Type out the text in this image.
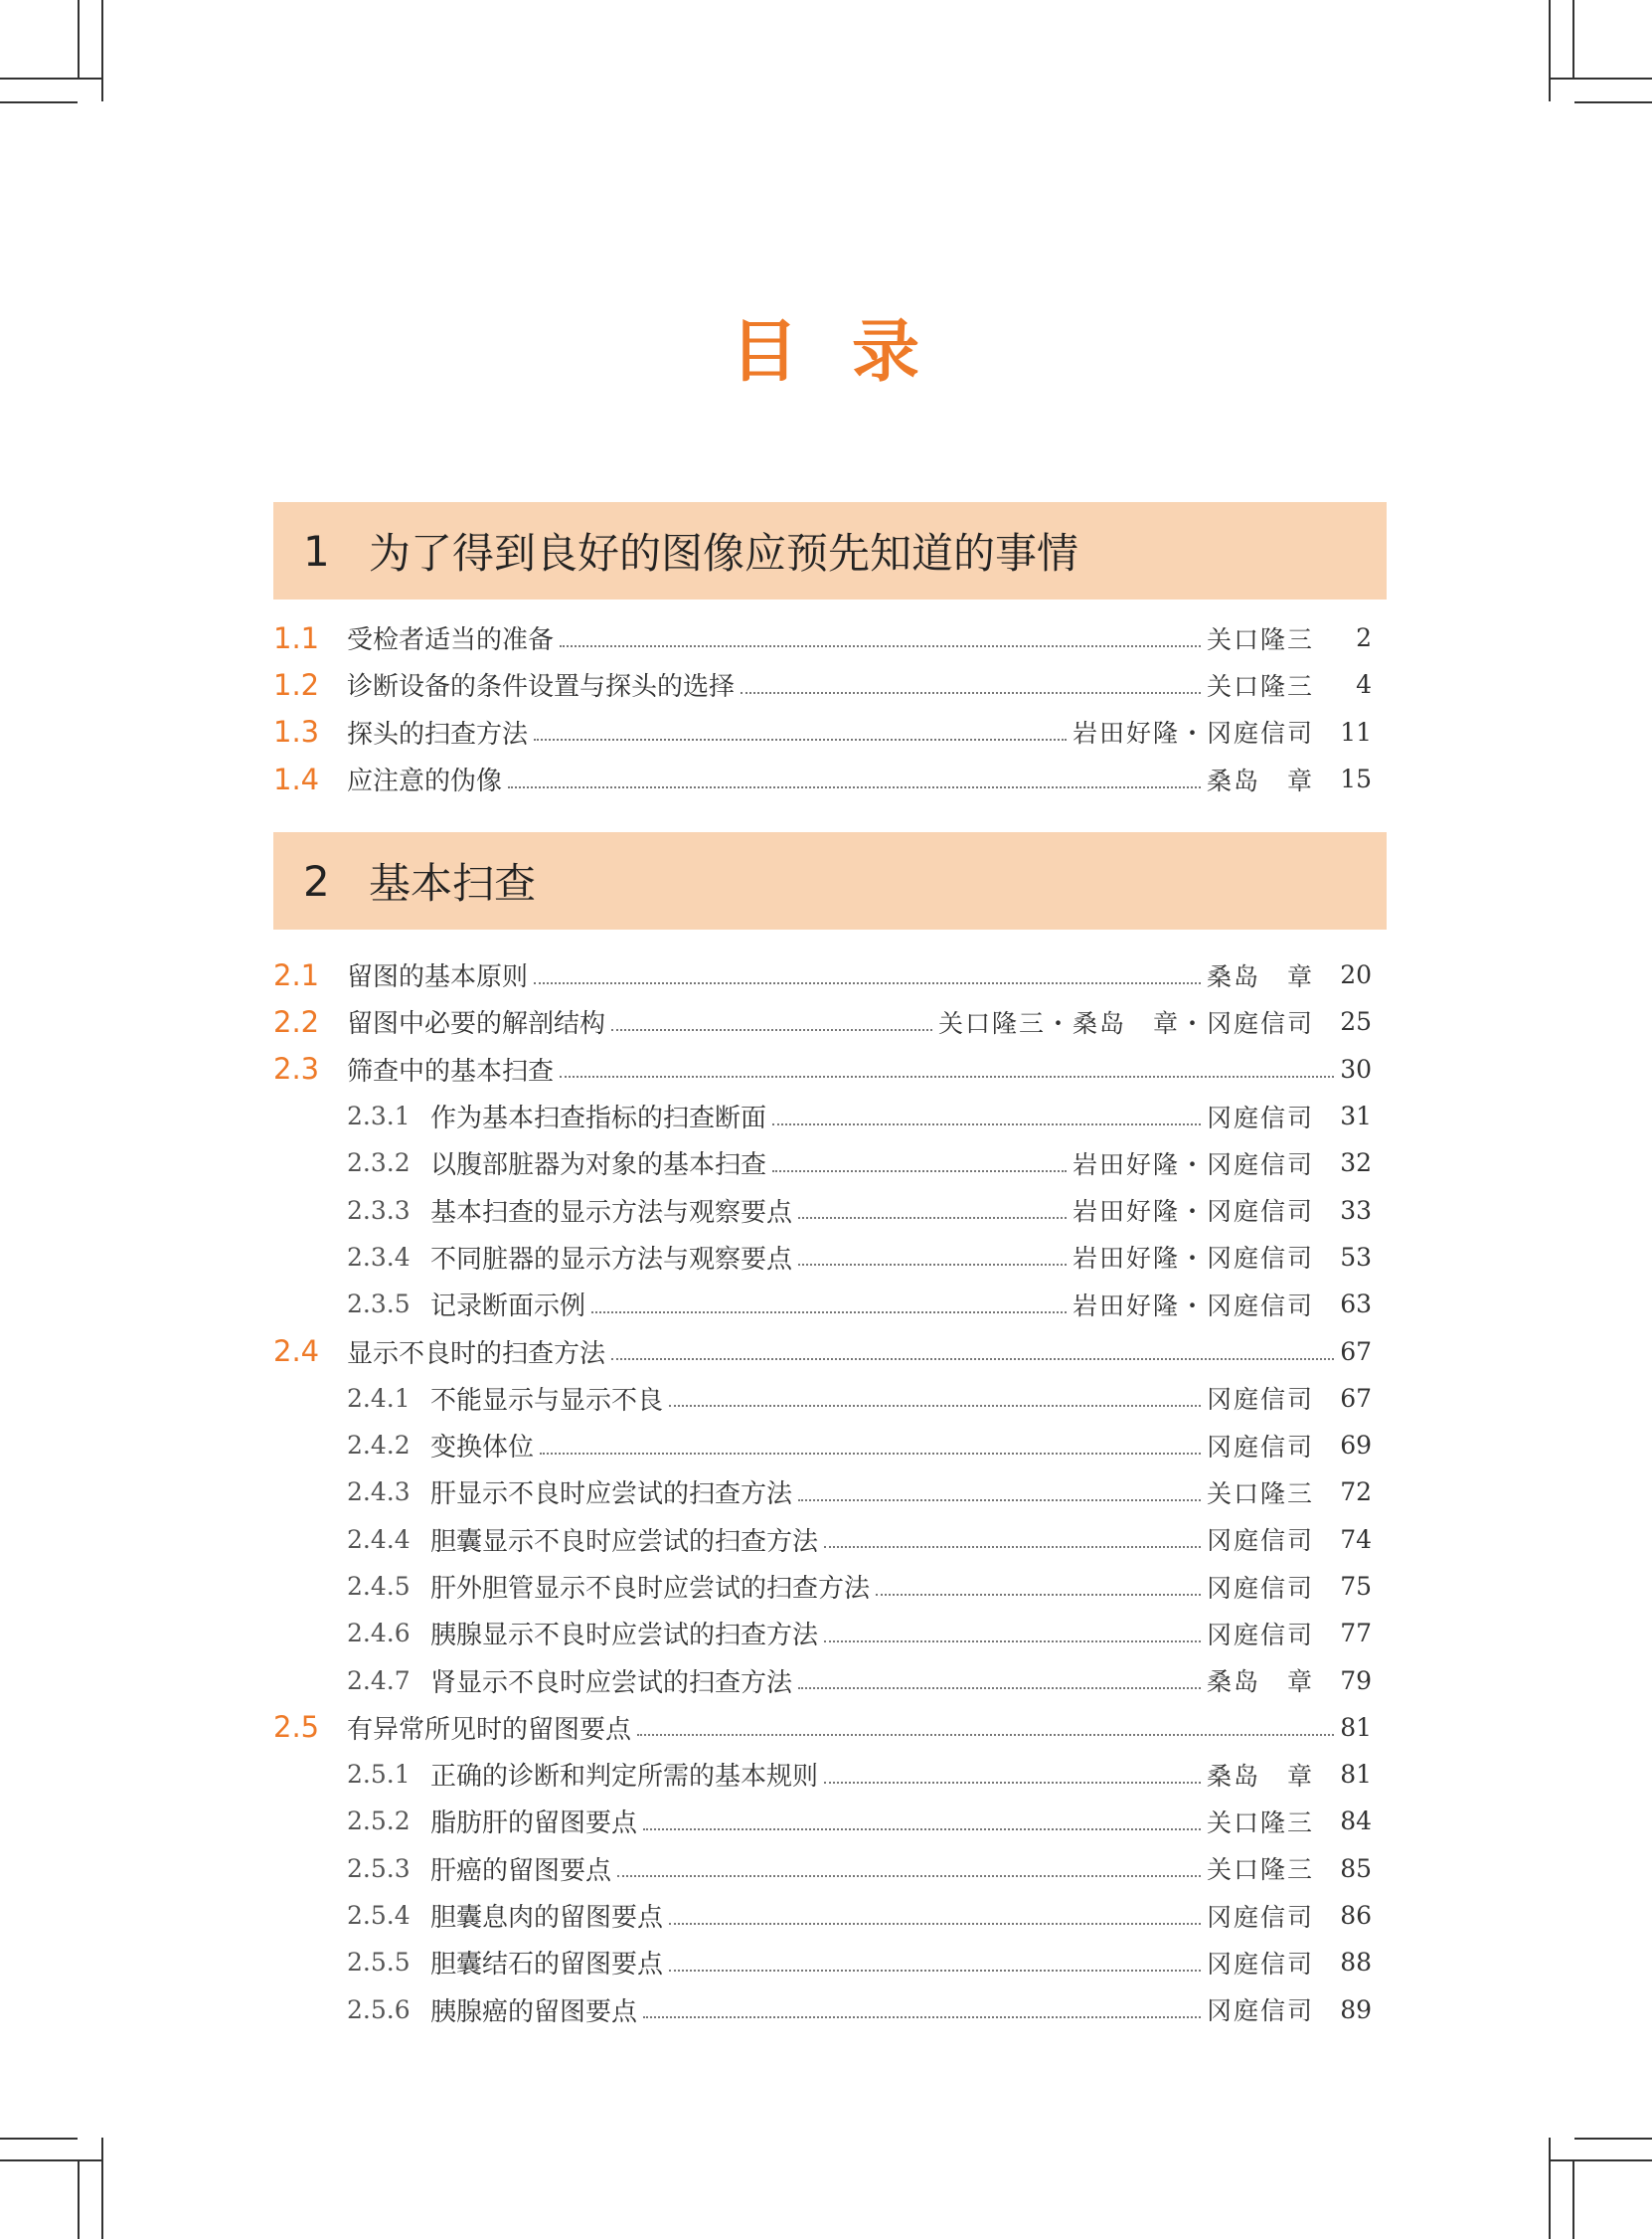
目 录
1 为了得到良好的图像应预先知道的事情
1.1	受检者适当的准备	关口隆三	2
1.2	诊断设备的条件设置与探头的选择	关口隆三	4
1.3	探头的扫查方法	岩田好隆・冈庭信司	11
1.4	应注意的伪像	桑岛　章	15
2 基本扫查
2.1	留图的基本原则	桑岛　章	20
2.2	留图中必要的解剖结构	关口隆三・桑岛　章・冈庭信司	25
2.3	筛查中的基本扫查	30
2.3.1 作为基本扫查指标的扫查断面	冈庭信司	31
2.3.2 以腹部脏器为对象的基本扫查	岩田好隆・冈庭信司	32
2.3.3 基本扫查的显示方法与观察要点	岩田好隆・冈庭信司	33
2.3.4 不同脏器的显示方法与观察要点	岩田好隆・冈庭信司	53
2.3.5 记录断面示例	岩田好隆・冈庭信司	63
2.4	显示不良时的扫查方法	67
2.4.1 不能显示与显示不良	冈庭信司	67
2.4.2 变换体位	冈庭信司	69
2.4.3 肝显示不良时应尝试的扫查方法	关口隆三	72
2.4.4 胆囊显示不良时应尝试的扫查方法	冈庭信司	74
2.4.5 肝外胆管显示不良时应尝试的扫查方法	冈庭信司	75
2.4.6 胰腺显示不良时应尝试的扫查方法	冈庭信司	77
2.4.7 肾显示不良时应尝试的扫查方法	桑岛　章	79
2.5	有异常所见时的留图要点	81
2.5.1 正确的诊断和判定所需的基本规则	桑岛　章	81
2.5.2 脂肪肝的留图要点	关口隆三	84
2.5.3 肝癌的留图要点	关口隆三	85
2.5.4 胆囊息肉的留图要点	冈庭信司	86
2.5.5 胆囊结石的留图要点	冈庭信司	88
2.5.6 胰腺癌的留图要点	冈庭信司	89
